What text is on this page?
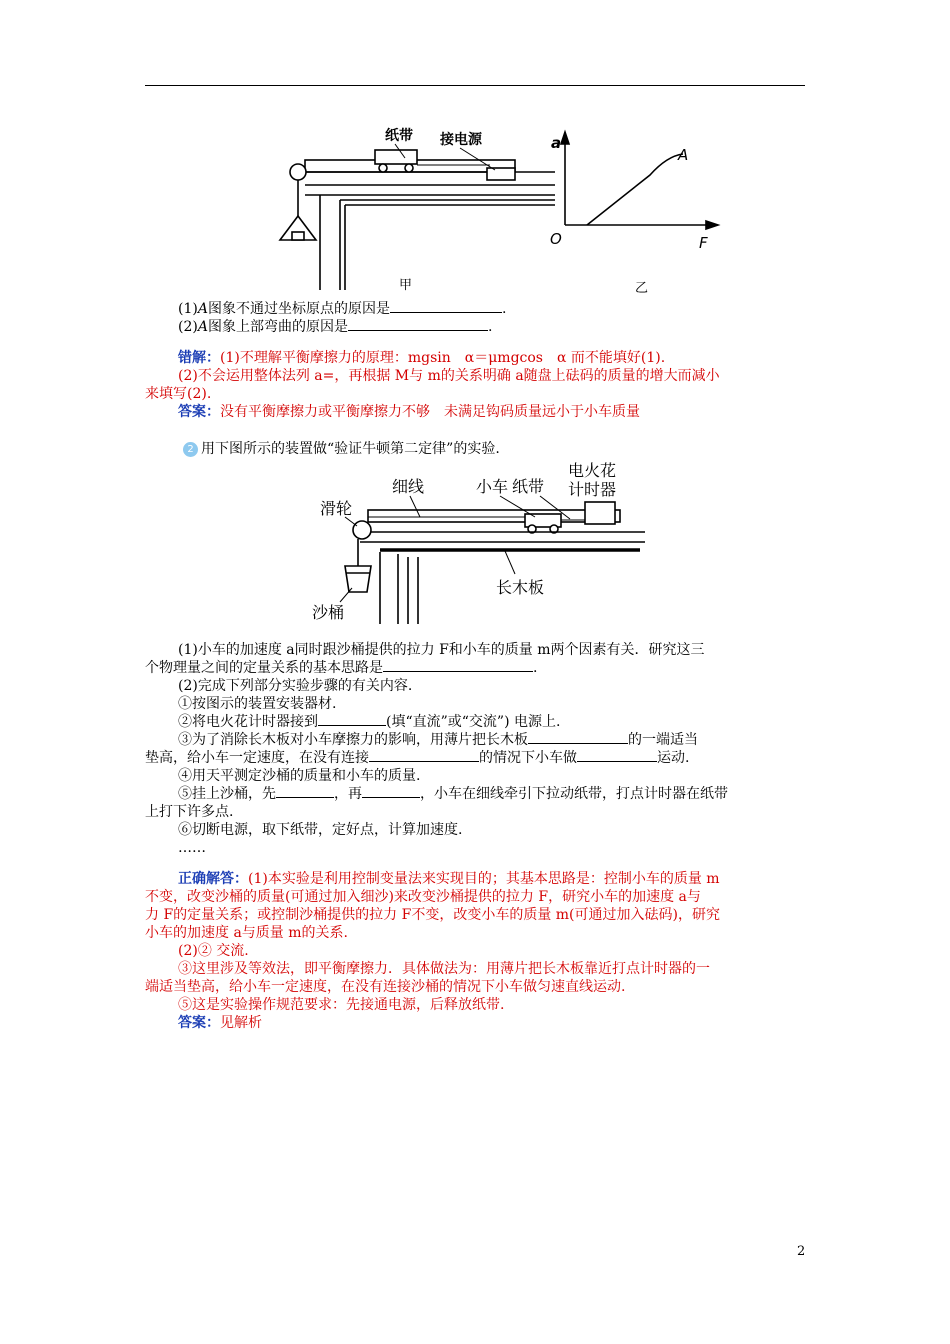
纸带 接电源	a
F
O
A
甲	乙
(1)A图象不通过坐标原点的原因是	.
(2)A图象上部弯曲的原因是	.
错解：(1)不理解平衡摩擦力的原理：mgsin　α＝μmgcos　α 而不能填好(1).
(2)不会运用整体法列 a=，再根据 M与 m的关系明确 a随盘上砝码的质量的增大而减小
来填写(2).
答案：没有平衡摩擦力或平衡摩擦力不够　未满足钩码质量远小于小车质量
2 用下图所示的装置做“验证牛顿第二定律”的实验.
细线	小车 纸带
电火花
计时器
滑轮
沙桶
长木板
(1)小车的加速度 a同时跟沙桶提供的拉力 F和小车的质量 m两个因素有关．研究这三
个物理量之间的定量关系的基本思路是	.
(2)完成下列部分实验步骤的有关内容.
①按图示的装置安装器材.
②将电火花计时器接到	(填“直流”或“交流”) 电源上.
③为了消除长木板对小车摩擦力的影响，用薄片把长木板	的一端适当
垫高，给小车一定速度，在没有连接	的情况下小车做	运动.
④用天平测定沙桶的质量和小车的质量.
⑤挂上沙桶，先	，再	，小车在细线牵引下拉动纸带，打点计时器在纸带
上打下许多点.
⑥切断电源，取下纸带，定好点，计算加速度.
……
正确解答：(1)本实验是利用控制变量法来实现目的；其基本思路是：控制小车的质量 m
不变，改变沙桶的质量(可通过加入细沙)来改变沙桶提供的拉力 F，研究小车的加速度 a与
力 F的定量关系；或控制沙桶提供的拉力 F不变，改变小车的质量 m(可通过加入砝码)，研究
小车的加速度 a与质量 m的关系.
(2)② 交流.
③这里涉及等效法，即平衡摩擦力．具体做法为：用薄片把长木板靠近打点计时器的一
端适当垫高，给小车一定速度，在没有连接沙桶的情况下小车做匀速直线运动.
⑤这是实验操作规范要求：先接通电源，后释放纸带.
答案：见解析
2
